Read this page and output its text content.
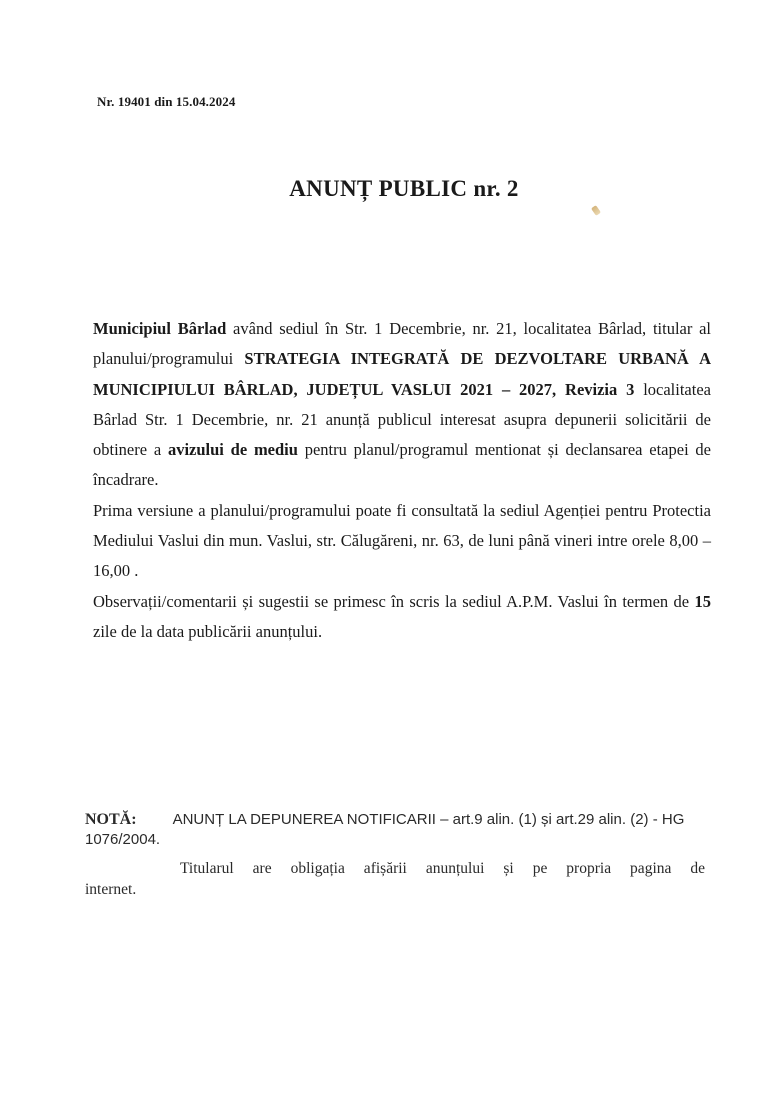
Nr. 19401 din 15.04.2024
ANUNȚ PUBLIC nr. 2

Municipiul Bârlad având sediul în Str. 1 Decembrie, nr. 21, localitatea Bârlad, titular al planului/programului STRATEGIA INTEGRATĂ DE DEZVOLTARE URBANĂ A MUNICIPIULUI BÂRLAD, JUDEȚUL VASLUI 2021 – 2027, Revizia 3 localitatea Bârlad Str. 1 Decembrie, nr. 21 anunță publicul interesat asupra depunerii solicitării de obtinere a avizului de mediu pentru planul/programul mentionat și declansarea etapei de încadrare.

Prima versiune a planului/programului poate fi consultată la sediul Agenției pentru Protectia Mediului Vaslui din mun. Vaslui, str. Călugăreni, nr. 63, de luni până vineri intre orele 8,00 – 16,00 .

Observații/comentarii și sugestii se primesc în scris la sediul A.P.M. Vaslui în termen de 15 zile de la data publicării anunțului.

NOTĂ: ANUNȚ LA DEPUNEREA NOTIFICARII – art.9 alin. (1) și art.29 alin. (2) - HG 1076/2004.
Titularul are obligația afișării anunțului și pe propria pagina de
internet.
